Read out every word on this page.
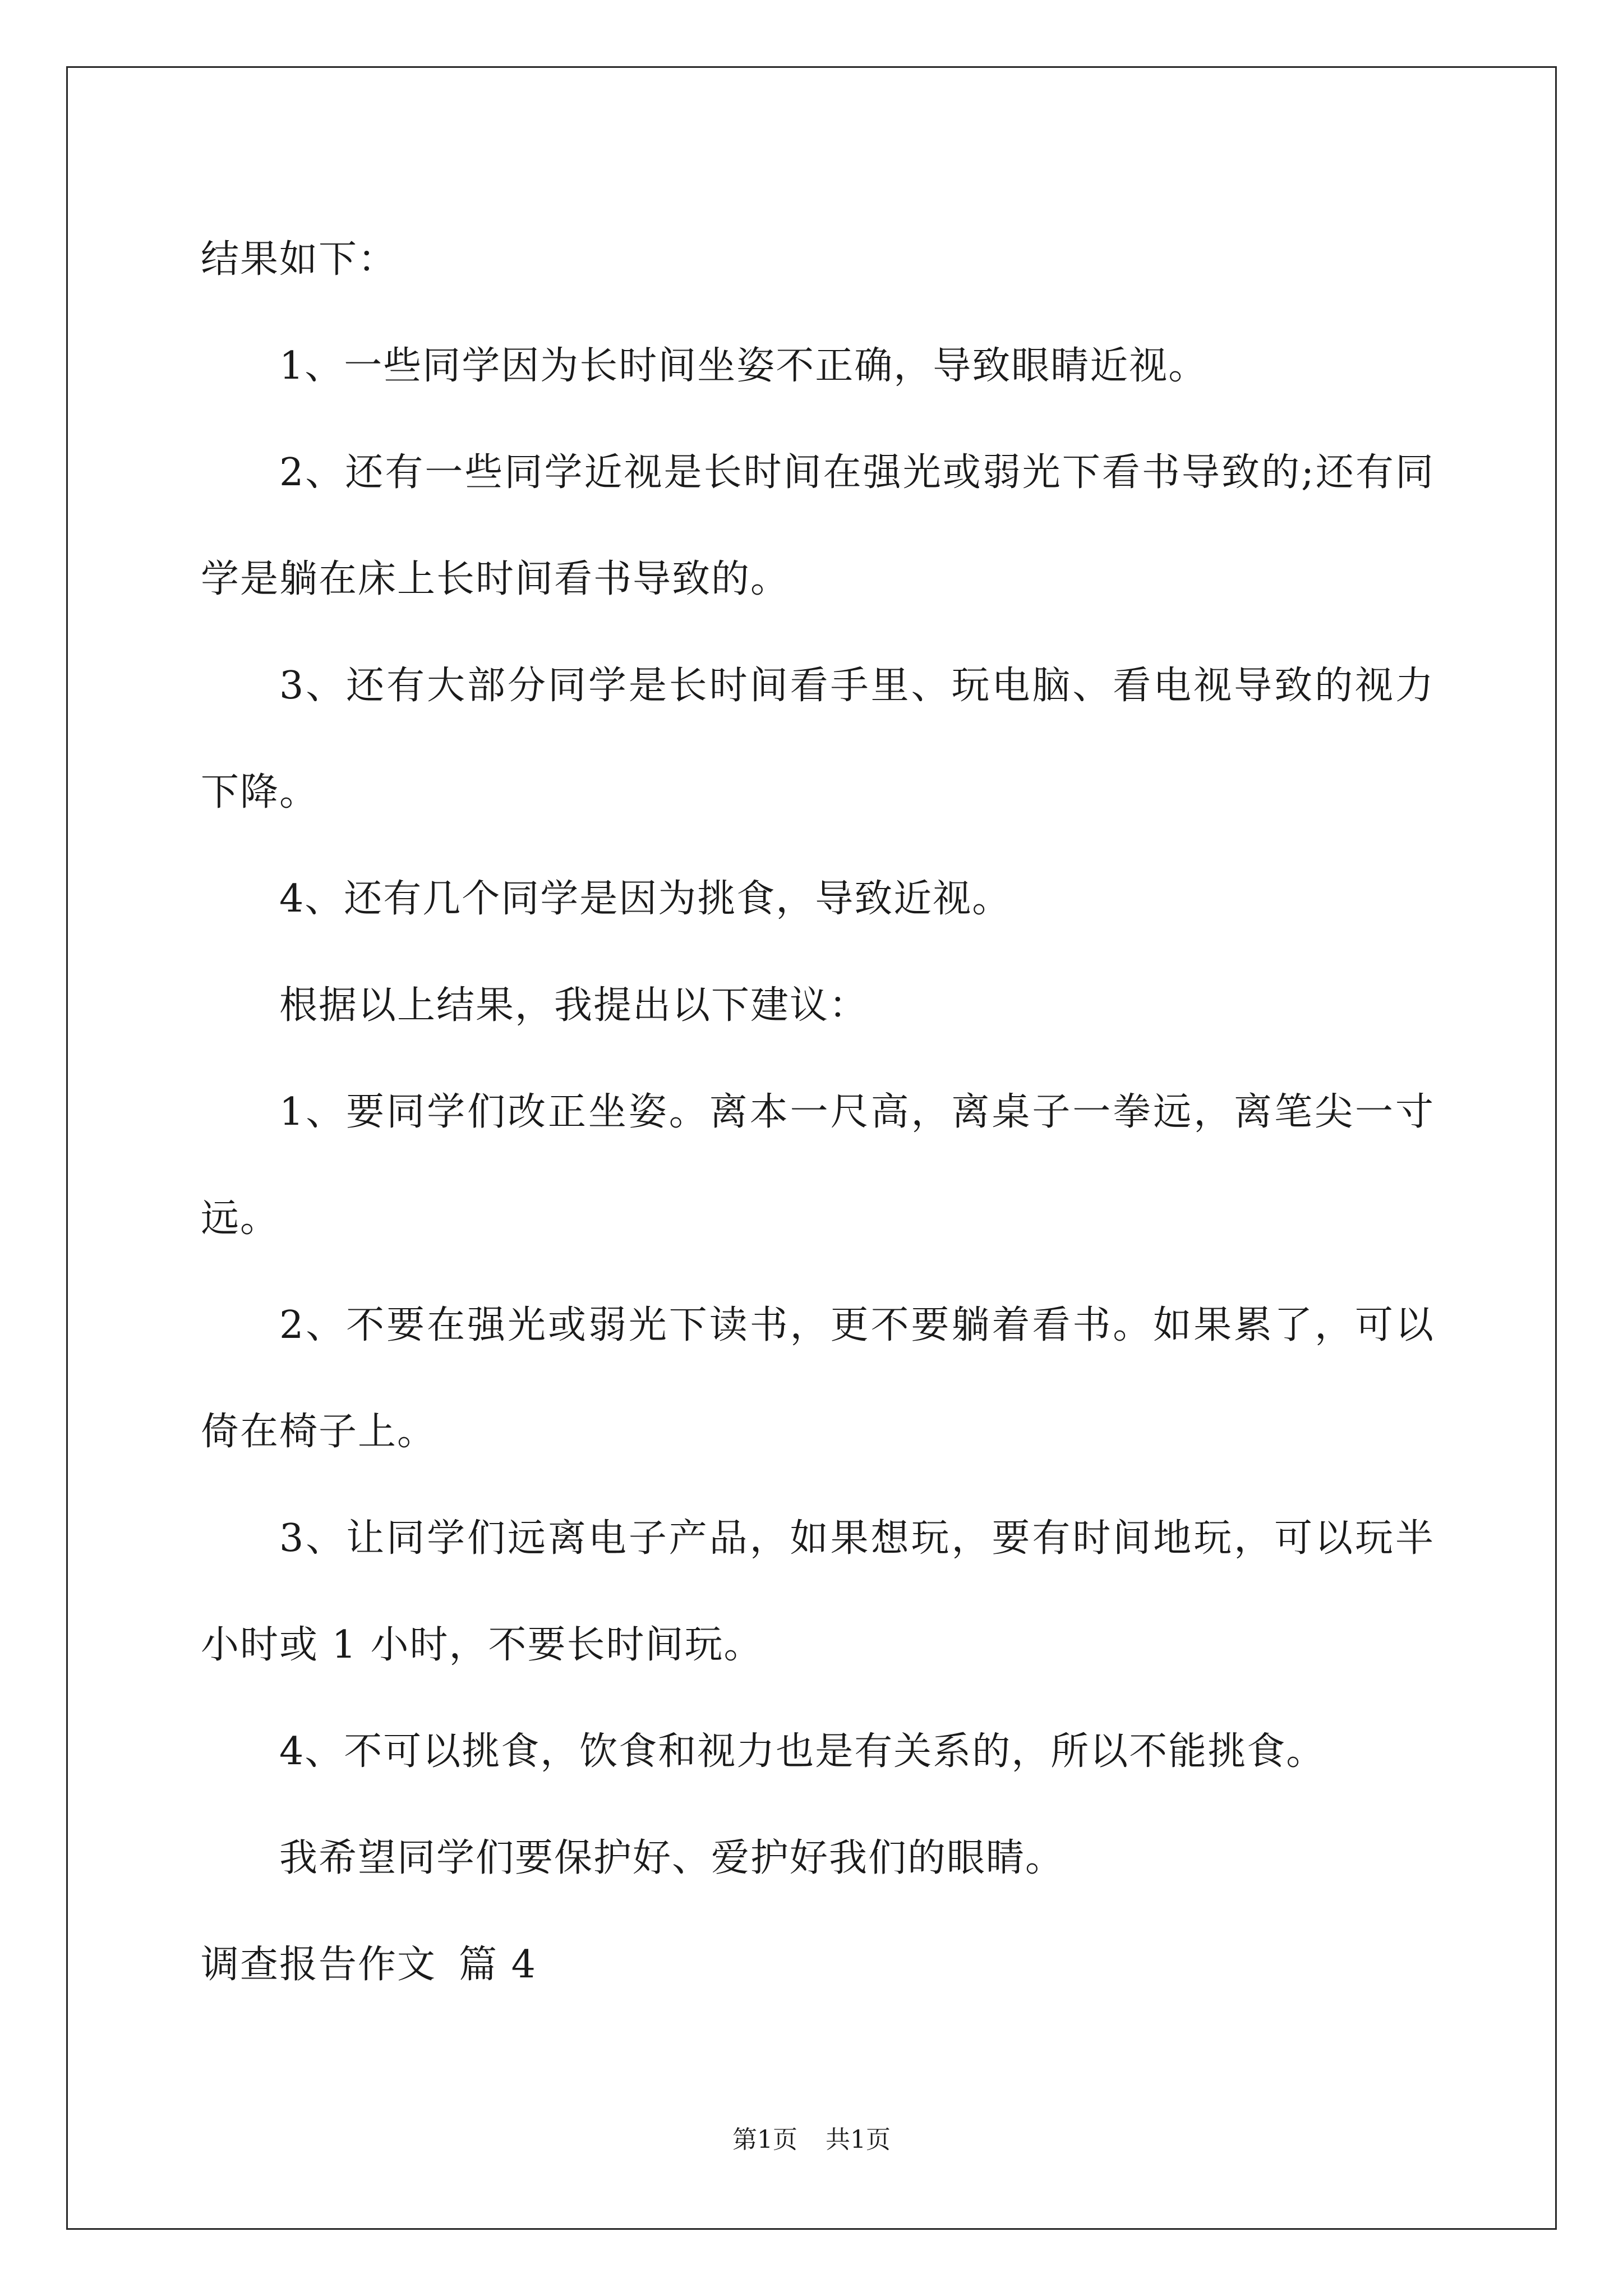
结果如下：

1、一些同学因为长时间坐姿不正确，导致眼睛近视。

2、还有一些同学近视是长时间在强光或弱光下看书导致的;还有同学是躺在床上长时间看书导致的。

3、还有大部分同学是长时间看手里、玩电脑、看电视导致的视力下降。

4、还有几个同学是因为挑食，导致近视。

根据以上结果，我提出以下建议：

1、要同学们改正坐姿。离本一尺高，离桌子一拳远，离笔尖一寸远。

2、不要在强光或弱光下读书，更不要躺着看书。如果累了，可以倚在椅子上。

3、让同学们远离电子产品，如果想玩，要有时间地玩，可以玩半小时或 1 小时，不要长时间玩。

4、不可以挑食，饮食和视力也是有关系的，所以不能挑食。

我希望同学们要保护好、爱护好我们的眼睛。

调查报告作文 篇 4
第1页 共1页
